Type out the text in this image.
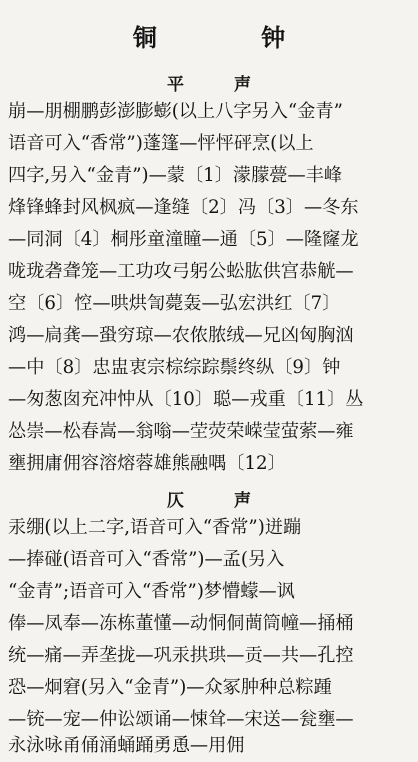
铜 钟
平 声
崩—朋棚鹏彭澎膨蟛(以上八字另入“金青”
语音可入“香常”)蓬篷—怦怦砰烹(以上
四字,另入“金青”)—蒙〔1〕濛朦甍—丰峰
烽锋蜂封风枫疯—逢缝〔2〕冯〔3〕—冬东
—同洞〔4〕桐彤童潼瞳—通〔5〕—隆窿龙
咙珑砻聋笼—工功攻弓躬公蚣肱供宫恭觥—
空〔6〕悾—哄烘訇薨轰—弘宏洪红〔7〕
鸿—扃龚—蛩穷琼—农侬脓绒—兄凶匈胸汹
—中〔8〕忠盅衷宗棕综踪鬃终纵〔9〕钟
—匆葱囱充冲忡从〔10〕聪—戎重〔11〕丛
怂崇—松春嵩—翁嗡—茔荧荣嵘莹萤萦—雍
壅拥庸佣容溶熔蓉雄熊融喁〔12〕
仄 声
汞绷(以上二字,语音可入“香常”)迸蹦
—捧碰(语音可入“香常”)—孟(另入
“金青”;语音可入“香常”)梦懵蠓—讽
俸—凤奉—冻栋董懂—动恫侗蕳筒幢—捅桶
统—痛—弄垄拢—巩汞拱珙—贡—共—孔控
恐—炯窘(另入“金青”)—众冢肿种总粽踵
—铳—宠—仲讼颂诵—悚耸—宋送—瓮壅—
永泳咏甬俑涌蛹踊勇恿—用佣
